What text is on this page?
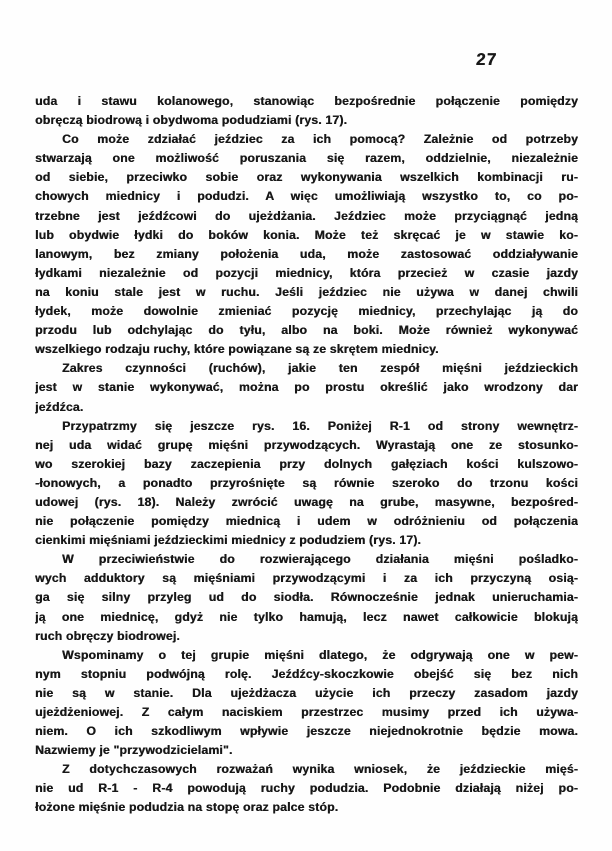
27
uda i stawu kolanowego, stanowiąc bezpośrednie połączenie pomiędzy
obręczą biodrową i obydwoma podudziami (rys. 17).
Co może zdziałać jeździec za ich pomocą? Zależnie od potrzeby
stwarzają one możliwość poruszania się razem, oddzielnie, niezależnie
od siebie, przeciwko sobie oraz wykonywania wszelkich kombinacji ru-
chowych miednicy i podudzi. A więc umożliwiają wszystko to, co po-
trzebne jest jeźdźcowi do ujeżdżania. Jeździec może przyciągnąć jedną
lub obydwie łydki do boków konia. Może też skręcać je w stawie ko-
lanowym, bez zmiany położenia uda, może zastosować oddziaływanie
łydkami niezależnie od pozycji miednicy, która przecież w czasie jazdy
na koniu stale jest w ruchu. Jeśli jeździec nie używa w danej chwili
łydek, może dowolnie zmieniać pozycję miednicy, przechylając ją do
przodu lub odchylając do tyłu, albo na boki. Może również wykonywać
wszelkiego rodzaju ruchy, które powiązane są ze skrętem miednicy.
Zakres czynności (ruchów), jakie ten zespół mięśni jeździeckich
jest w stanie wykonywać, można po prostu określić jako wrodzony dar
jeźdźca.
Przypatrzmy się jeszcze rys. 16. Poniżej R-1 od strony wewnętrz-
nej uda widać grupę mięśni przywodzących. Wyrastają one ze stosunko-
wo szerokiej bazy zaczepienia przy dolnych gałęziach kości kulszowo-
-łonowych, a ponadto przyrośnięte są równie szeroko do trzonu kości
udowej (rys. 18). Należy zwrócić uwagę na grube, masywne, bezpośred-
nie połączenie pomiędzy miednicą i udem w odróżnieniu od połączenia
cienkimi mięśniami jeździeckimi miednicy z podudziem (rys. 17).
W przeciwieństwie do rozwierającego działania mięśni pośladko-
wych adduktory są mięśniami przywodzącymi i za ich przyczyną osią-
ga się silny przyleg ud do siodła. Równocześnie jednak unieruchamia-
ją one miednicę, gdyż nie tylko hamują, lecz nawet całkowicie blokują
ruch obręczy biodrowej.
Wspominamy o tej grupie mięśni dlatego, że odgrywają one w pew-
nym stopniu podwójną rolę. Jeźdźcy-skoczkowie obejść się bez nich
nie są w stanie. Dla ujeżdżacza użycie ich przeczy zasadom jazdy
ujeżdżeniowej. Z całym naciskiem przestrzec musimy przed ich używa-
niem. O ich szkodliwym wpływie jeszcze niejednokrotnie będzie mowa.
Nazwiemy je "przywodzicielami".
Z dotychczasowych rozważań wynika wniosek, że jeździeckie mięś-
nie ud R-1 - R-4 powodują ruchy podudzia. Podobnie działają niżej po-
łożone mięśnie podudzia na stopę oraz palce stóp.
